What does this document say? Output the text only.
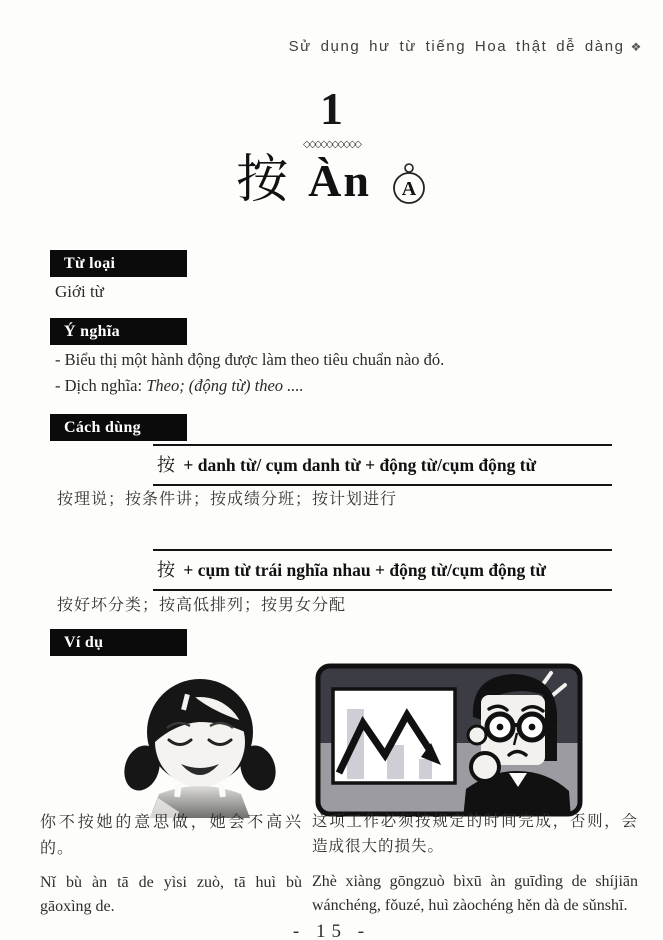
Sử dụng hư từ tiếng Hoa thật dễ dàng ❖
1
◇◇◇◇◇◇◇◇◇◇
按 Àn A
Từ loại
Giới từ
Ý nghĩa
- Biểu thị một hành động được làm theo tiêu chuẩn nào đó.
- Dịch nghĩa: Theo; (động từ) theo ....
Cách dùng
按 + danh từ/ cụm danh từ + động từ/cụm động từ
按理说；按条件讲；按成绩分班；按计划进行
按 + cụm từ trái nghĩa nhau + động từ/cụm động từ
按好坏分类；按高低排列；按男女分配
Ví dụ
你不按她的意思做，她会不高兴的。
Nǐ bù àn tā de yìsi zuò, tā huì bù gāoxìng de.
这项工作必须按规定的时间完成，否则，会造成很大的损失。
Zhè xiàng gōngzuò bìxū àn guīdìng de shíjiān wánchéng, fǒuzé, huì zàochéng hěn dà de sǔnshī.
- 15 -
